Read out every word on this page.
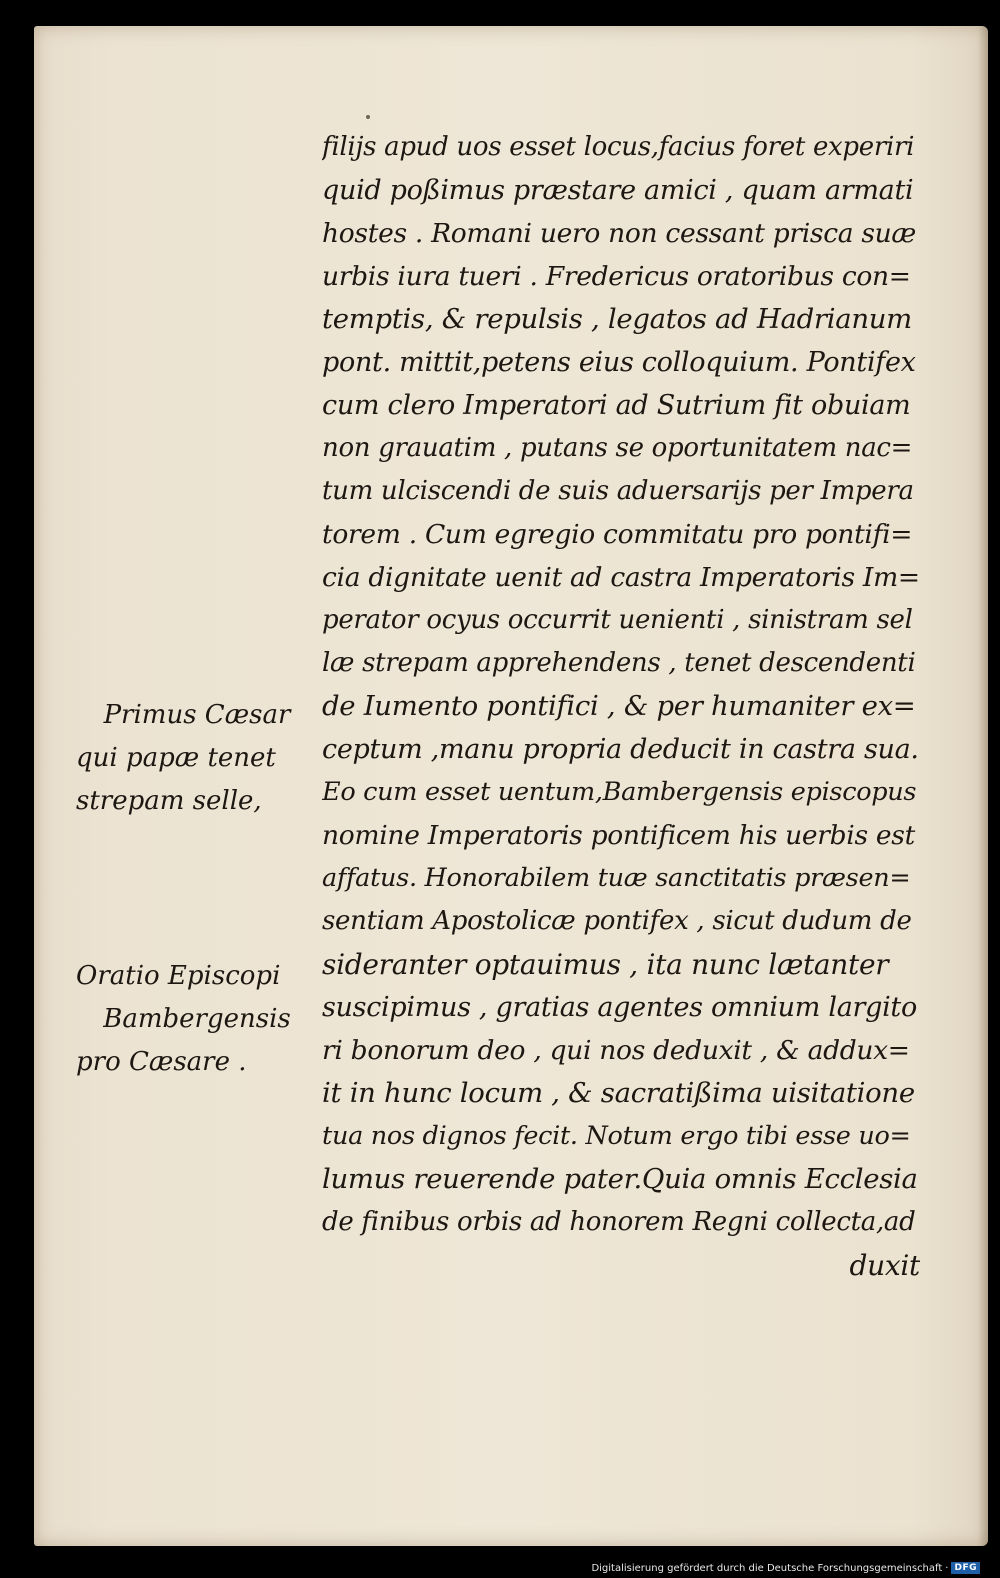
filijs apud uos esset locus,facius foret experiri
quid poßimus præstare amici , quam armati
hostes . Romani uero non cessant prisca suæ
urbis iura tueri . Fredericus oratoribus con=
temptis, & repulsis , legatos ad Hadrianum
pont. mittit,petens eius colloquium. Pontifex
cum clero Imperatori ad Sutrium fit obuiam
non grauatim , putans se oportunitatem nac=
tum ulciscendi de suis aduersarijs per Impera
torem . Cum egregio commitatu pro pontifi=
cia dignitate uenit ad castra Imperatoris Im=
perator ocyus occurrit uenienti , sinistram sel
læ strepam apprehendens , tenet descendenti
de Iumento pontifici , & per humaniter ex=
ceptum ,manu propria deducit in castra sua.
Eo cum esset uentum,Bambergensis episcopus
nomine Imperatoris pontificem his uerbis est
affatus. Honorabilem tuæ sanctitatis præsen=
sentiam Apostolicæ pontifex , sicut dudum de
sideranter optauimus , ita nunc lætanter
suscipimus , gratias agentes omnium largito
ri bonorum deo , qui nos deduxit , & addux=
it in hunc locum , & sacratißima uisitatione
tua nos dignos fecit. Notum ergo tibi esse uo=
lumus reuerende pater.Quia omnis Ecclesia
de finibus orbis ad honorem Regni collecta,ad
duxit
Primus Cæsar
qui papæ tenet
strepam selle,
Oratio Episcopi
Bambergensis
pro Cæsare .
Digitalisierung gefördert durch die Deutsche Forschungsgemeinschaft · DFG
